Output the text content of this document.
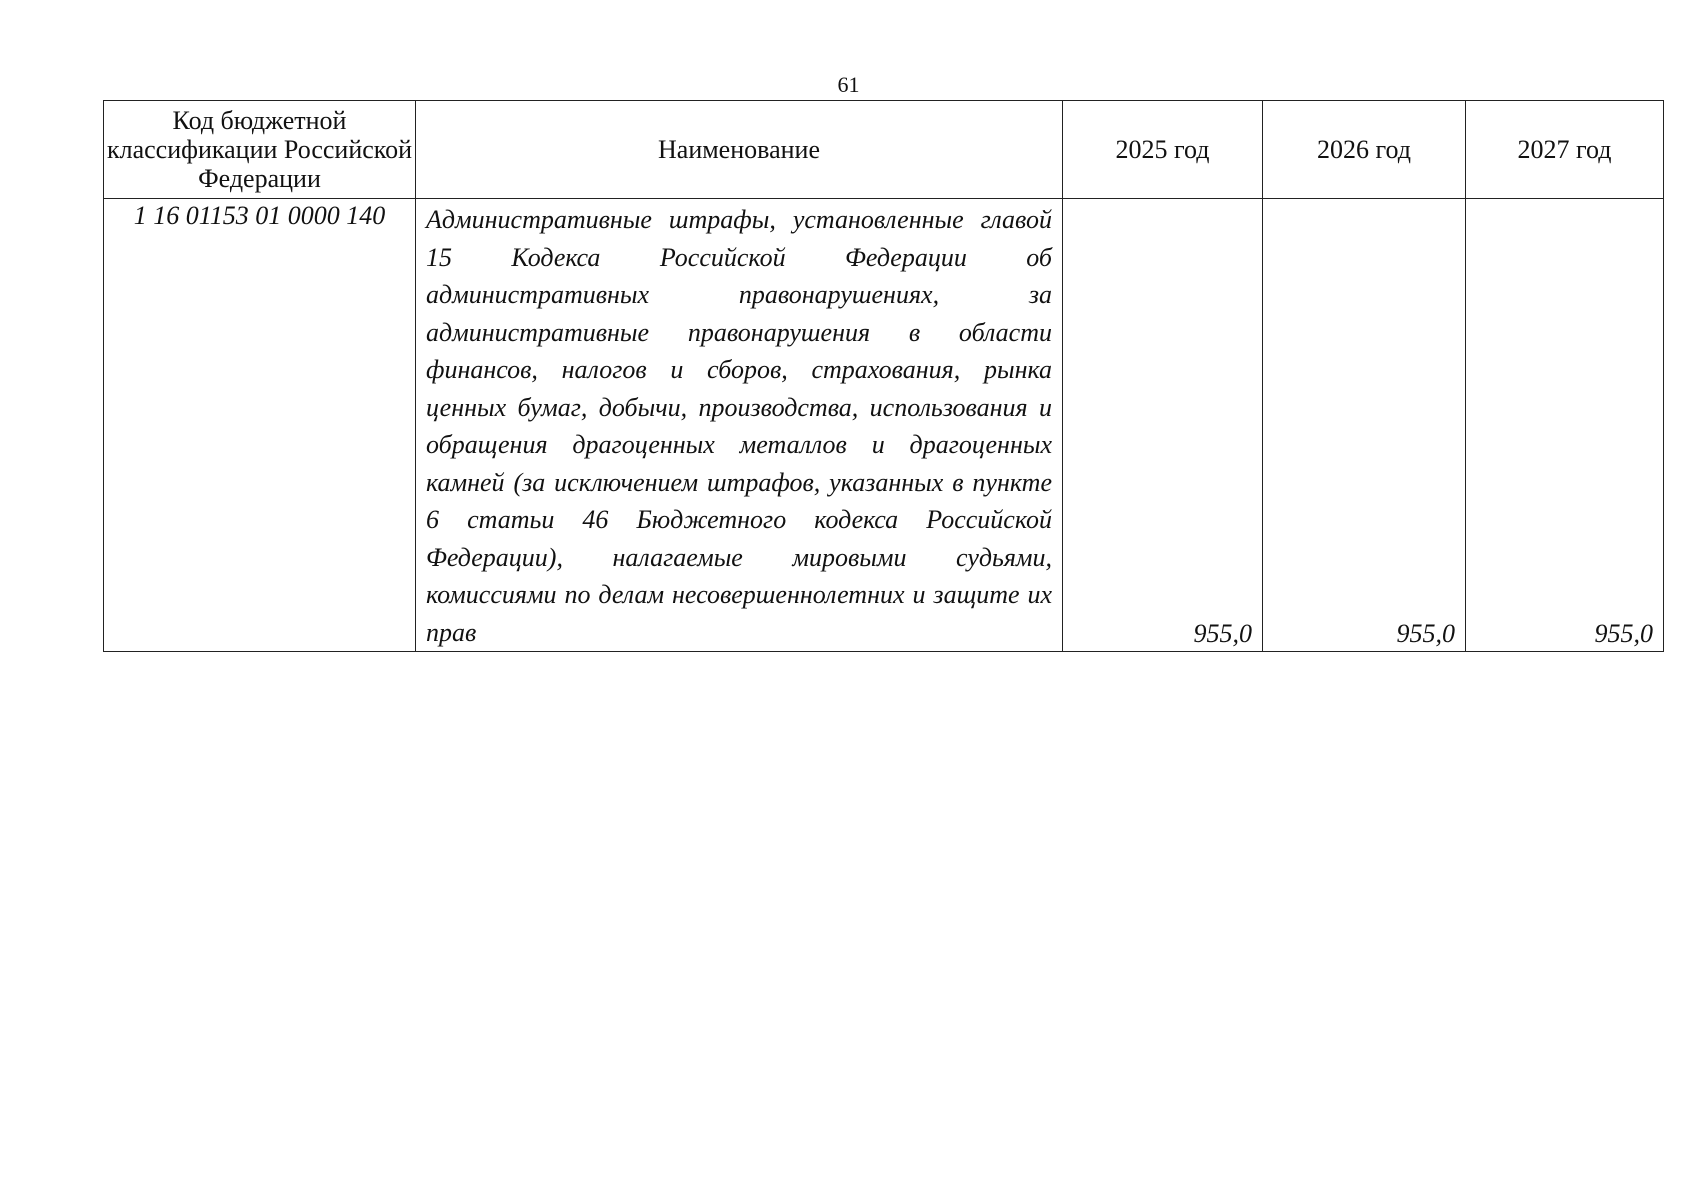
61
Код бюджетной классификации Российской Федерации	Наименование	2025 год	2026 год	2027 год
1 16 01153 01 0000 140	Административные штрафы, установленные главой 15 Кодекса Российской Федерации об административных правонарушениях, за административные правонарушения в области финансов, налогов и сборов, страхования, рынка ценных бумаг, добычи, производства, использования и обращения драгоценных металлов и драгоценных камней (за исключением штрафов, указанных в пункте 6 статьи 46 Бюджетного кодекса Российской Федерации), налагаемые мировыми судьями, комиссиями по делам несовершеннолетних и защите их прав	955,0	955,0	955,0
